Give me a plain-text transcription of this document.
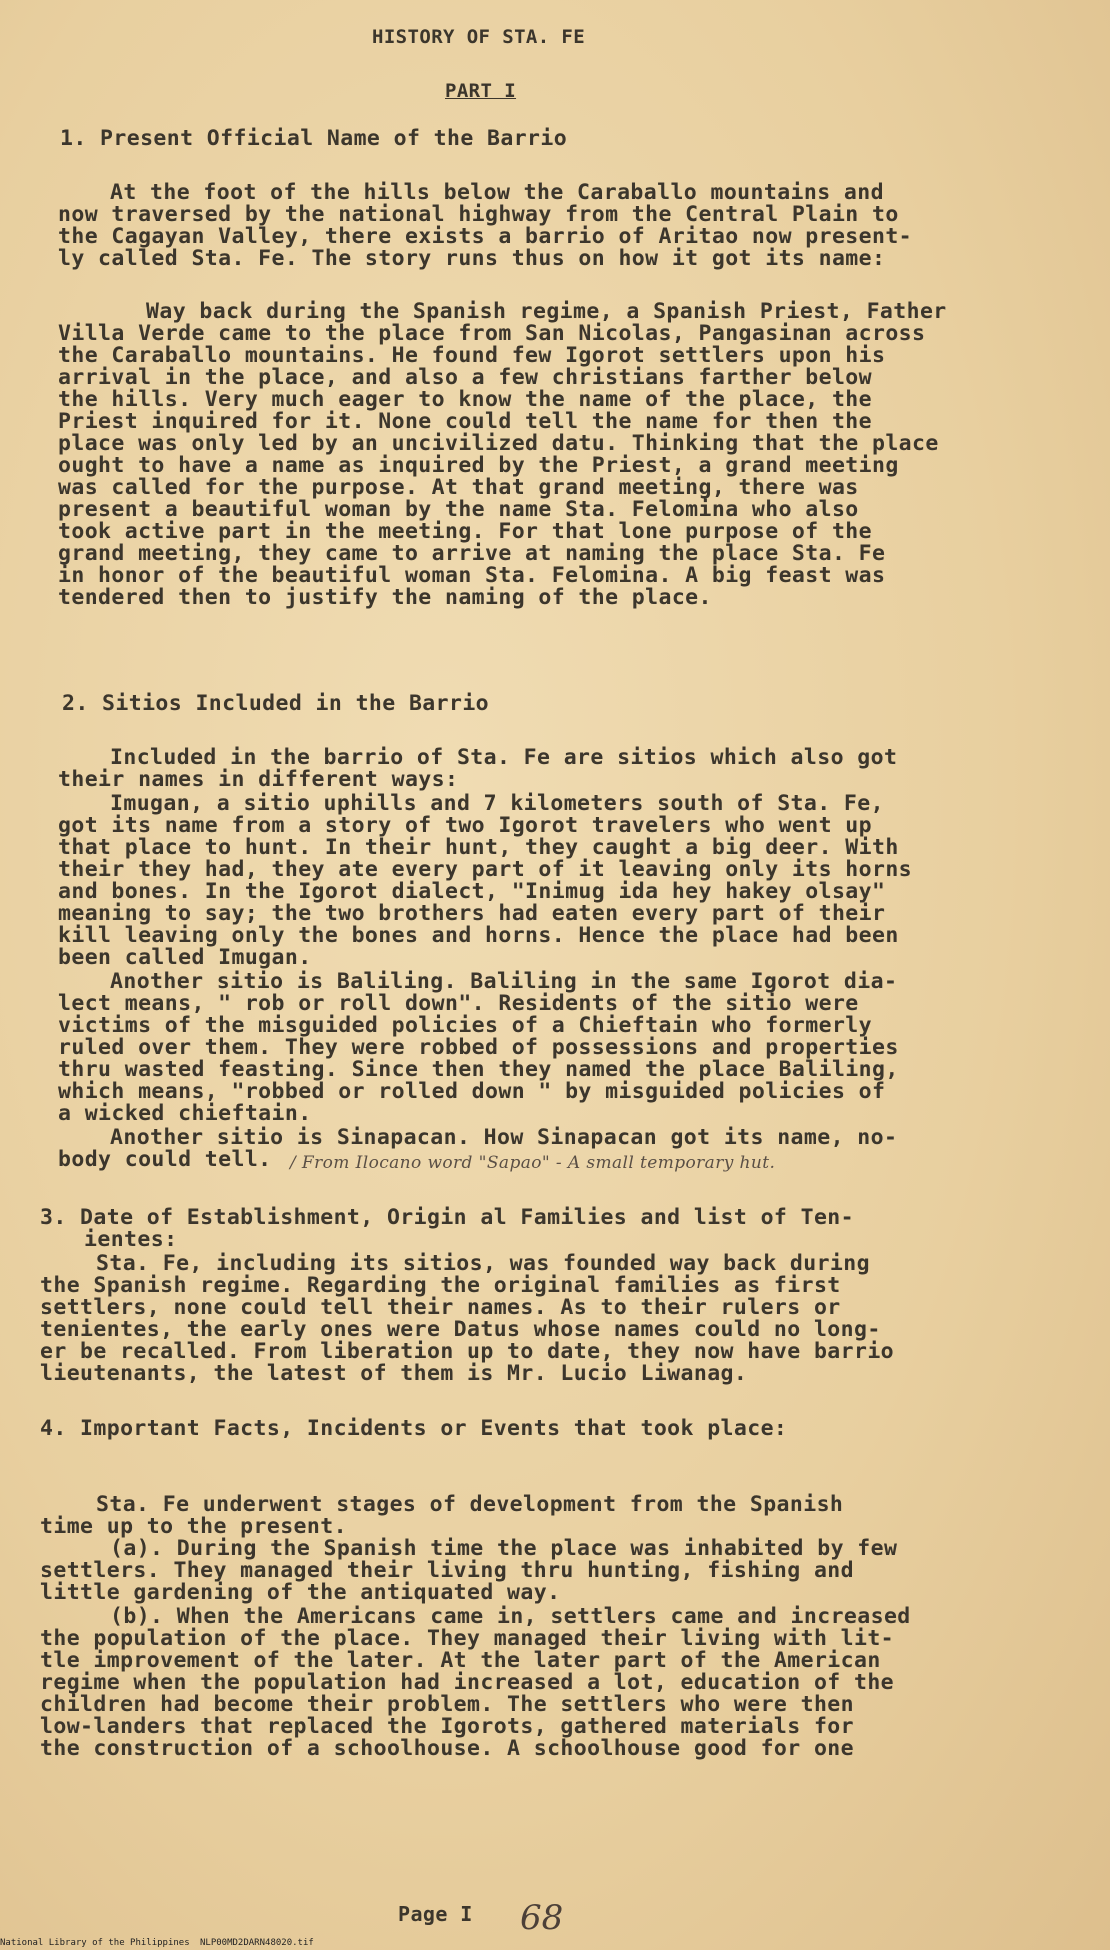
HISTORY OF STA. FE
PART I
1. Present Official Name of the Barrio
At the foot of the hills below the Caraballo mountains and
now traversed by the national highway from the Central Plain to
the Cagayan Valley, there exists a barrio of Aritao now present-
ly called Sta. Fe. The story runs thus on how it got its name:
Way back during the Spanish regime, a Spanish Priest, Father
Villa Verde came to the place from San Nicolas, Pangasinan across
the Caraballo mountains. He found few Igorot settlers upon his
arrival in the place, and also a few christians farther below
the hills. Very much eager to know the name of the place, the
Priest inquired for it. None could tell the name for then the
place was only led by an uncivilized datu. Thinking that the place
ought to have a name as inquired by the Priest, a grand meeting
was called for the purpose. At that grand meeting, there was
present a beautiful woman by the name Sta. Felomina who also
took active part in the meeting. For that lone purpose of the
grand meeting, they came to arrive at naming the place Sta. Fe
in honor of the beautiful woman Sta. Felomina. A big feast was
tendered then to justify the naming of the place.
2. Sitios Included in the Barrio
Included in the barrio of Sta. Fe are sitios which also got
their names in different ways:
Imugan, a sitio uphills and 7 kilometers south of Sta. Fe,
got its name from a story of two Igorot travelers who went up
that place to hunt. In their hunt, they caught a big deer. With
their they had, they ate every part of it leaving only its horns
and bones. In the Igorot dialect, "Inimug ida hey hakey olsay"
meaning to say; the two brothers had eaten every part of their
kill leaving only the bones and horns. Hence the place had been
been called Imugan.
Another sitio is Baliling. Baliling in the same Igorot dia-
lect means, " rob or roll down". Residents of the sitio were
victims of the misguided policies of a Chieftain who formerly
ruled over them. They were robbed of possessions and properties
thru wasted feasting. Since then they named the place Baliling,
which means, "robbed or rolled down " by misguided policies of
a wicked chieftain.
Another sitio is Sinapacan. How Sinapacan got its name, no-
body could tell. / From Ilocano word "Sapao" - A small temporary hut.
3. Date of Establishment, Origin al Families and list of Ten-
ientes:
Sta. Fe, including its sitios, was founded way back during
the Spanish regime. Regarding the original families as first
settlers, none could tell their names. As to their rulers or
tenientes, the early ones were Datus whose names could no long-
er be recalled. From liberation up to date, they now have barrio
lieutenants, the latest of them is Mr. Lucio Liwanag.
4. Important Facts, Incidents or Events that took place:
Sta. Fe underwent stages of development from the Spanish
time up to the present.
(a). During the Spanish time the place was inhabited by few
settlers. They managed their living thru hunting, fishing and
little gardening of the antiquated way.
(b). When the Americans came in, settlers came and increased
the population of the place. They managed their living with lit-
tle improvement of the later. At the later part of the American
regime when the population had increased a lot, education of the
children had become their problem. The settlers who were then
low-landers that replaced the Igorots, gathered materials for
the construction of a schoolhouse. A schoolhouse good for one
Page I 68
National Library of the Philippines NLP00MD2DARN48020.tif
